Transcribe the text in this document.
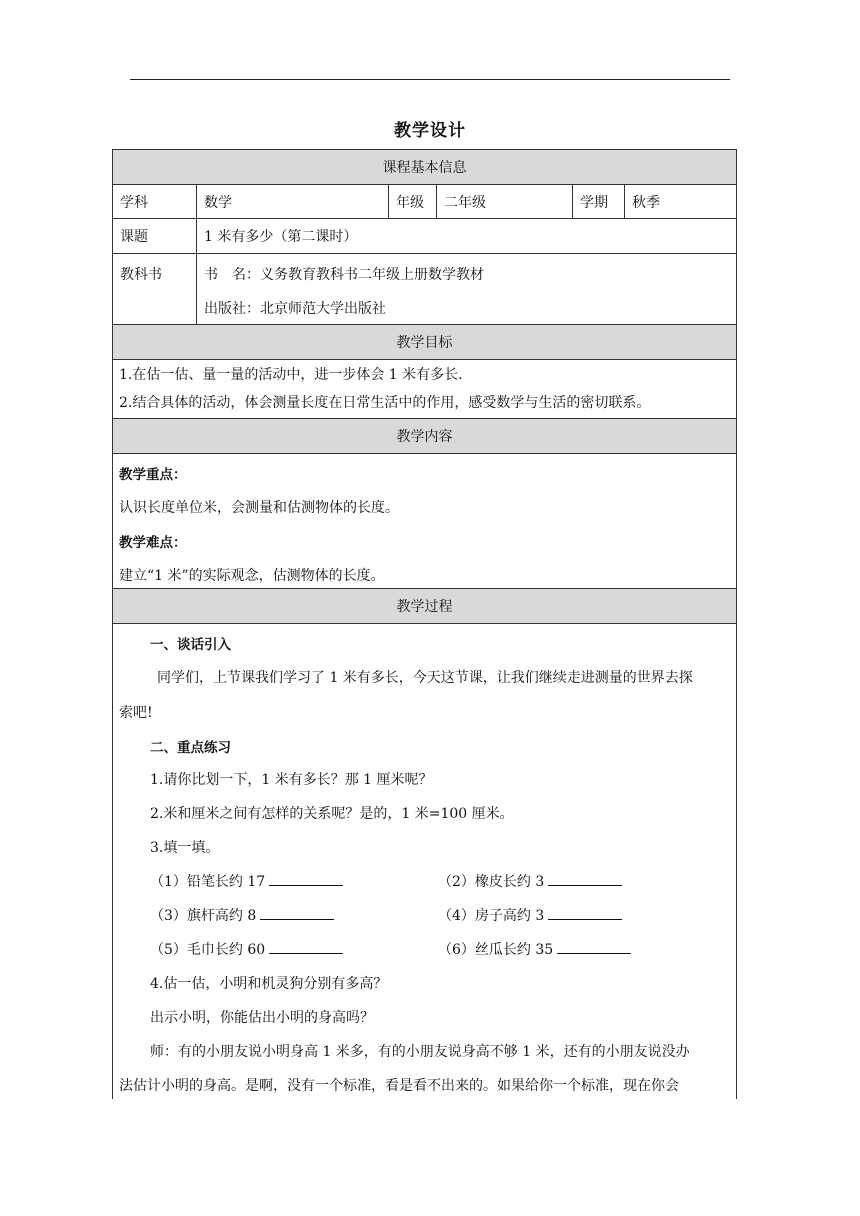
教学设计
课程基本信息
学科	数学	年级	二年级	学期	秋季
课题	1 米有多少（第二课时）
教科书	书　名：义务教育教科书二年级上册数学教材
出版社：北京师范大学出版社
教学目标
1.在估一估、量一量的活动中，进一步体会 1 米有多长.
2.结合具体的活动，体会测量长度在日常生活中的作用，感受数学与生活的密切联系。
教学内容
教学重点：
认识长度单位米，会测量和估测物体的长度。
教学难点：
建立“1 米”的实际观念，估测物体的长度。
教学过程
一、谈话引入
同学们，上节课我们学习了 1 米有多长，今天这节课，让我们继续走进测量的世界去探
索吧!
二、重点练习
1.请你比划一下，1 米有多长？那 1 厘米呢？
2.米和厘米之间有怎样的关系呢？是的，1 米=100 厘米。
3.填一填。
（1）铅笔长约 17	（2）橡皮长约 3
（3）旗杆高约 8	（4）房子高约 3
（5）毛巾长约 60	（6）丝瓜长约 35
4.估一估，小明和机灵狗分别有多高？
出示小明，你能估出小明的身高吗？
师：有的小朋友说小明身高 1 米多，有的小朋友说身高不够 1 米，还有的小朋友说没办
法估计小明的身高。是啊，没有一个标准，看是看不出来的。如果给你一个标准，现在你会
